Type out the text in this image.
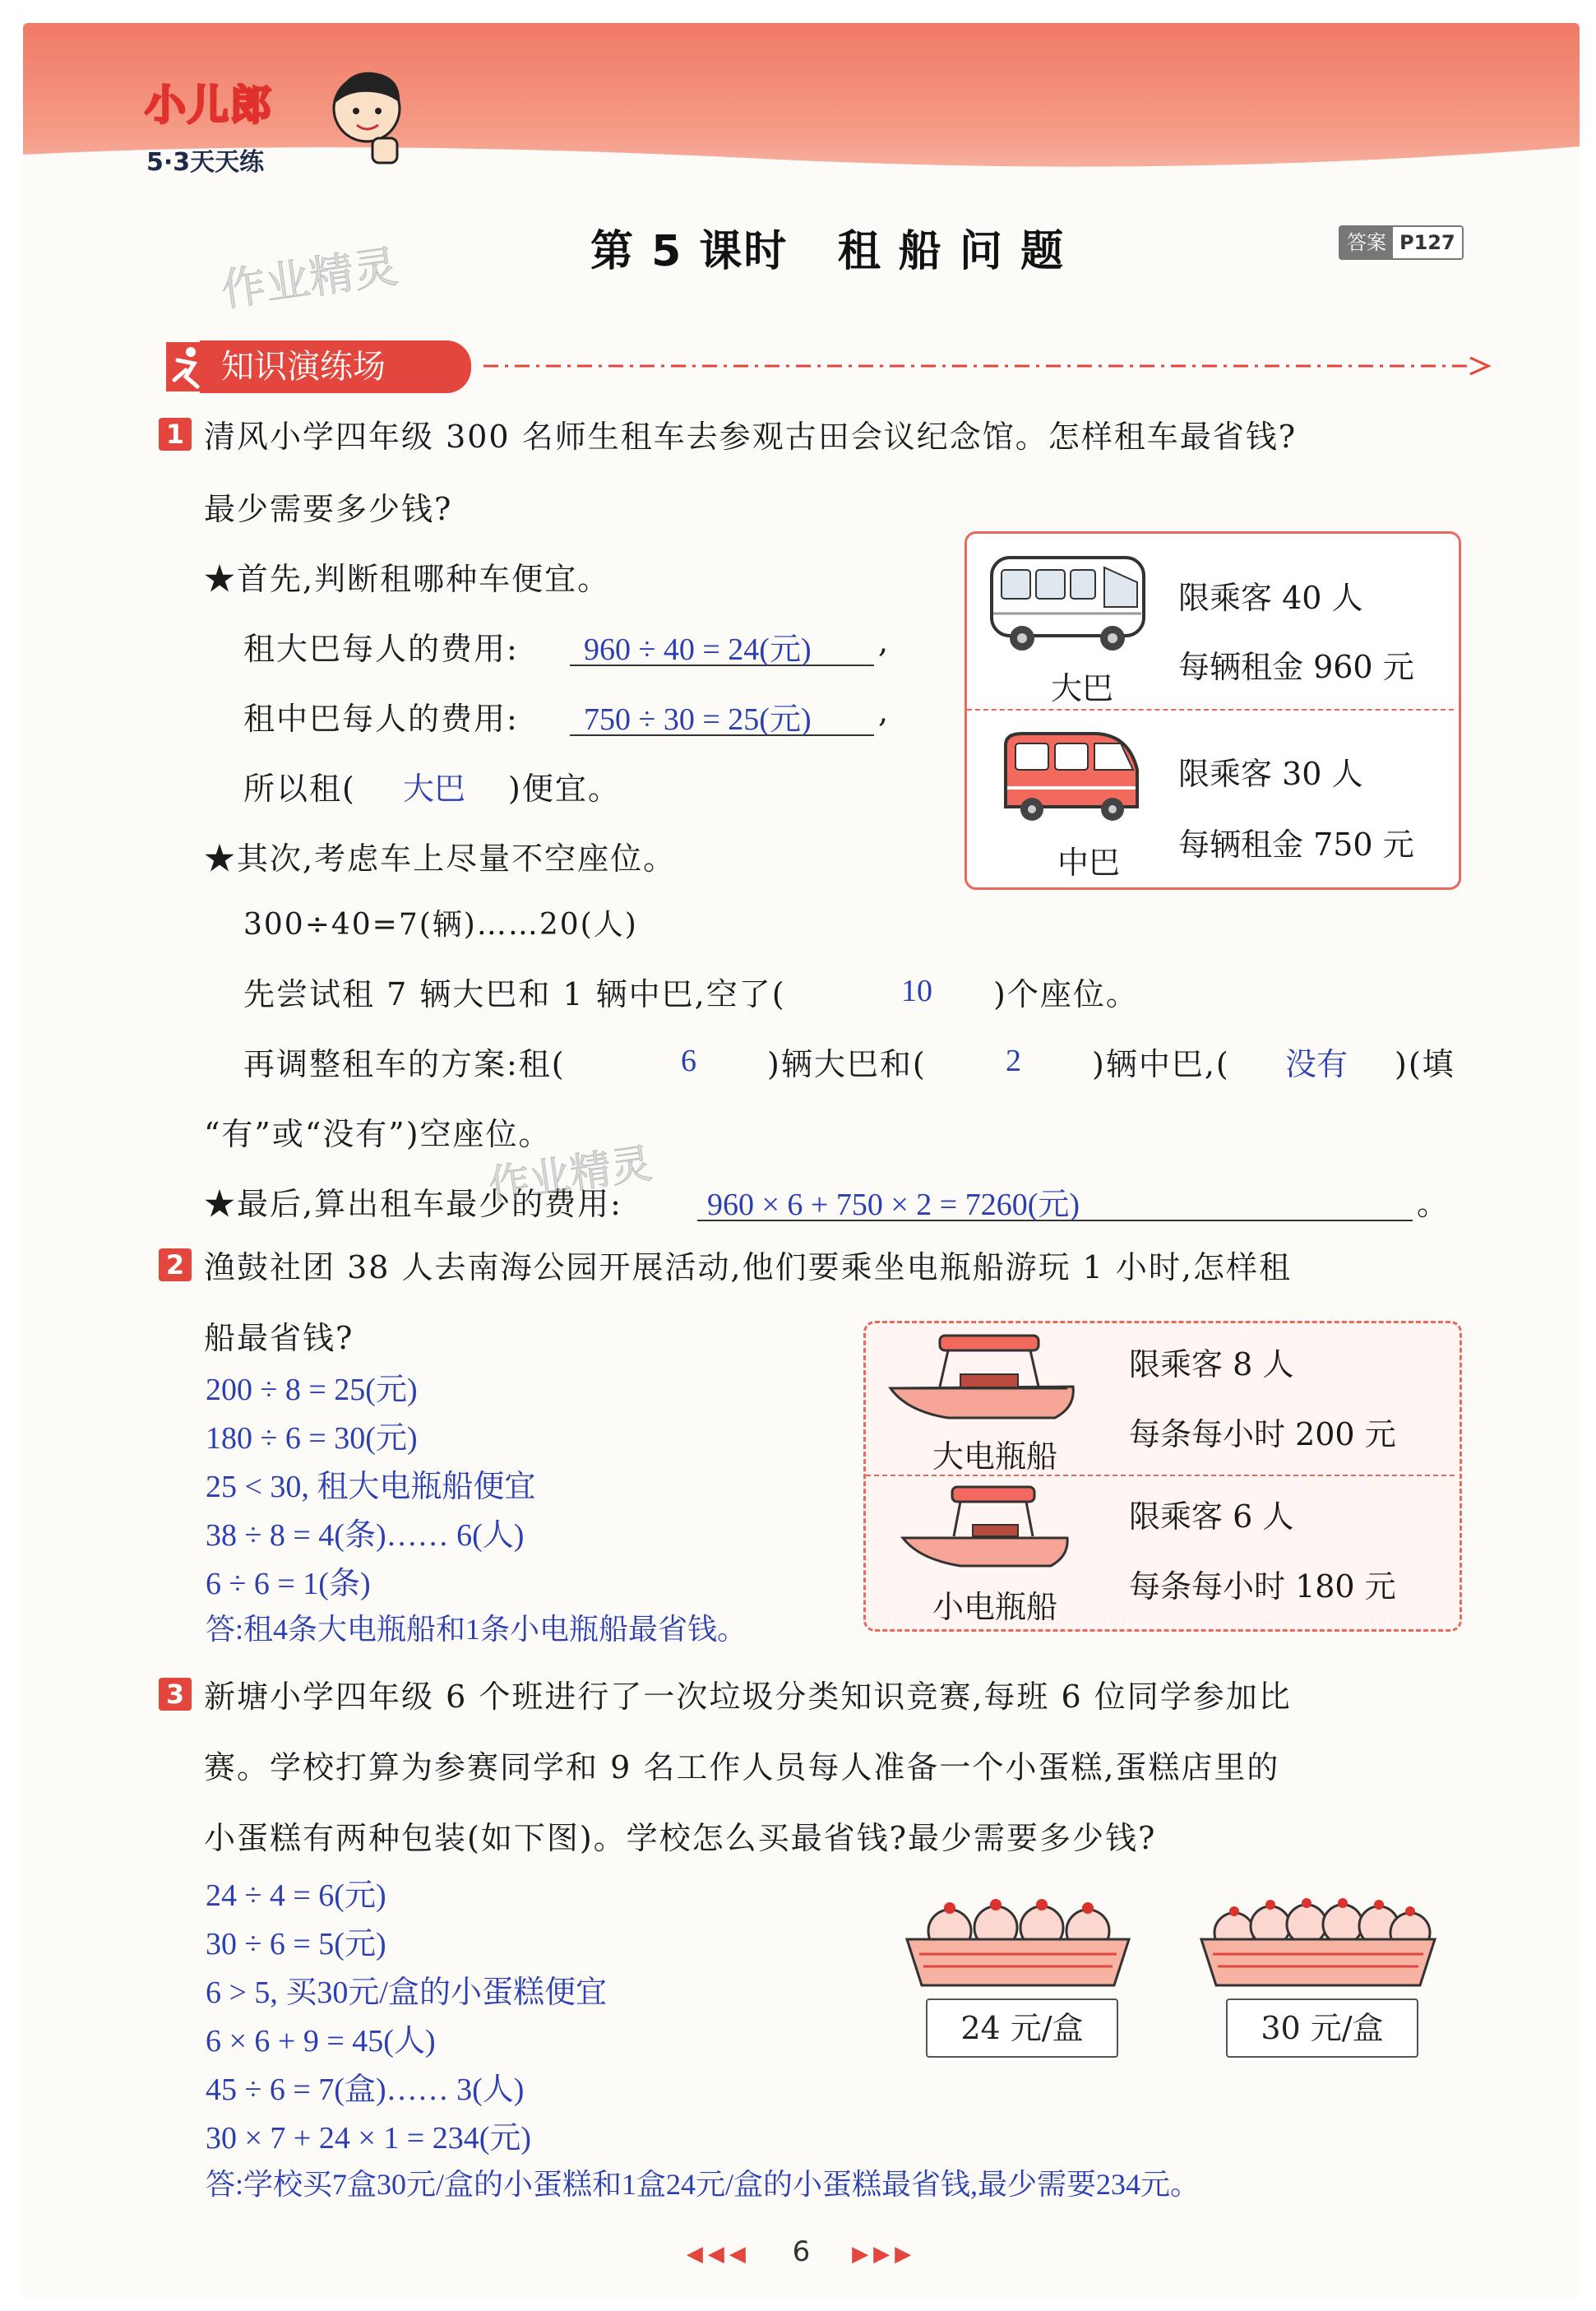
小儿郎
5·3天天练
第 5 课时   租 船 问 题
作业精灵	答案 P127
知识演练场
1 清风小学四年级 300 名师生租车去参观古田会议纪念馆。怎样租车最省钱?
最少需要多少钱?
★首先,判断租哪种车便宜。
租大巴每人的费用: 960 ÷ 40 = 24(元) ,
租中巴每人的费用: 750 ÷ 30 = 25(元) ,
所以租( 大巴 )便宜。
★其次,考虑车上尽量不空座位。
300÷40=7(辆)……20(人)
先尝试租 7 辆大巴和 1 辆中巴,空了(	10 )个座位。
再调整租车的方案:租(	6 )辆大巴和(	2 )辆中巴,( 没有 )(填
“有”或“没有”)空座位。
★最后,算出租车最少的费用:	960 × 6 + 750 × 2 = 7260(元)	。
大巴
限乘客 40 人
每辆租金 960 元
中巴
限乘客 30 人
每辆租金 750 元
2 渔鼓社团 38 人去南海公园开展活动,他们要乘坐电瓶船游玩 1 小时,怎样租
船最省钱?
200 ÷ 8 = 25(元)
180 ÷ 6 = 30(元)
25 < 30, 租大电瓶船便宜
38 ÷ 8 = 4(条)…… 6(人)
6 ÷ 6 = 1(条)
答:租4条大电瓶船和1条小电瓶船最省钱。
大电瓶船
限乘客 8 人
每条每小时 200 元
小电瓶船
限乘客 6 人
每条每小时 180 元
3 新塘小学四年级 6 个班进行了一次垃圾分类知识竞赛,每班 6 位同学参加比
赛。学校打算为参赛同学和 9 名工作人员每人准备一个小蛋糕,蛋糕店里的
小蛋糕有两种包装(如下图)。学校怎么买最省钱?最少需要多少钱?
24 ÷ 4 = 6(元)
30 ÷ 6 = 5(元)
6 > 5, 买30元/盒的小蛋糕便宜
6 × 6 + 9 = 45(人)
45 ÷ 6 = 7(盒)…… 3(人)
30 × 7 + 24 × 1 = 234(元)
答:学校买7盒30元/盒的小蛋糕和1盒24元/盒的小蛋糕最省钱,最少需要234元。
24 元/盒	30 元/盒
作业精灵
◀◀◀ 6 ▶▶▶
